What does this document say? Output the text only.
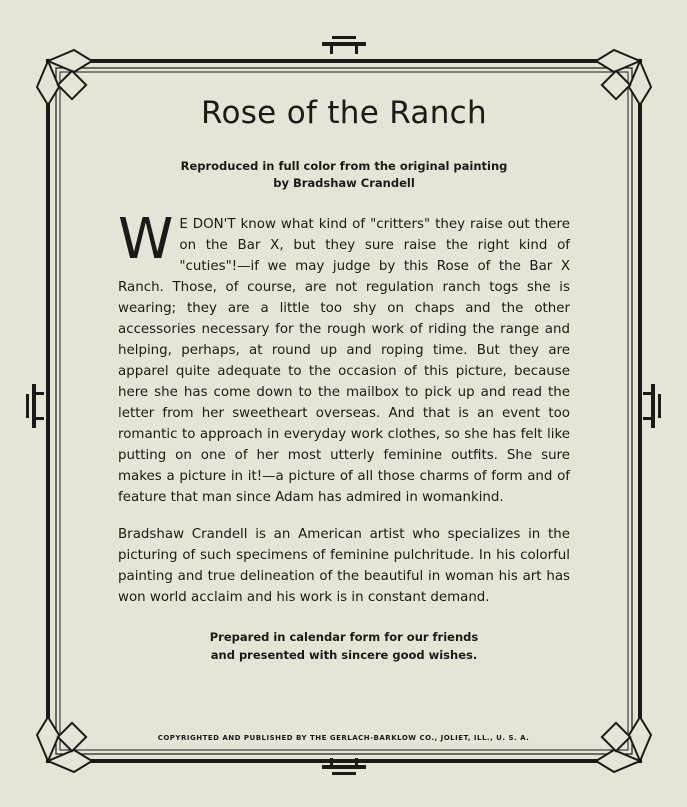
Rose of the Ranch
Reproduced in full color from the original painting
by Bradshaw Crandell

W E DON'T know what kind of "critters" they raise out there on the Bar X, but they sure raise the right kind of "cuties"!—if we may judge by this Rose of the Bar X Ranch. Those, of course, are not regulation ranch togs she is wearing; they are a little too shy on chaps and the other accessories necessary for the rough work of riding the range and helping, perhaps, at round up and roping time. But they are apparel quite adequate to the occasion of this picture, because here she has come down to the mailbox to pick up and read the letter from her sweetheart overseas. And that is an event too romantic to approach in everyday work clothes, so she has felt like putting on one of her most utterly feminine outfits. She sure makes a picture in it!—a picture of all those charms of form and of feature that man since Adam has admired in womankind.

Bradshaw Crandell is an American artist who specializes in the picturing of such specimens of feminine pulchritude. In his colorful painting and true delineation of the beautiful in woman his art has won world acclaim and his work is in constant demand.

Prepared in calendar form for our friends
and presented with sincere good wishes.
COPYRIGHTED AND PUBLISHED BY THE GERLACH-BARKLOW CO., JOLIET, ILL., U. S. A.
